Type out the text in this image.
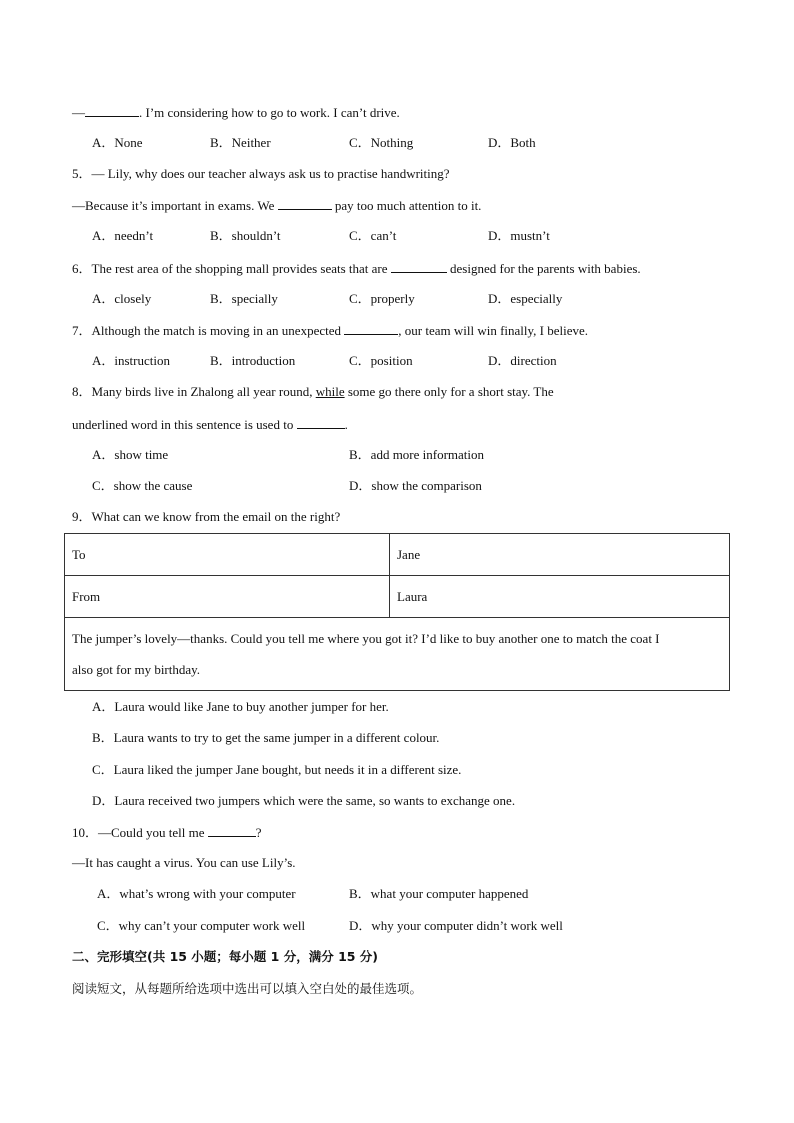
—	. I’m considering how to go to work. I can’t drive.
A．None	B．Neither	C．Nothing	D．Both
5．— Lily, why does our teacher always ask us to practise handwriting?
—Because it’s important in exams. We	pay too much attention to it.
A．needn’t	B．shouldn’t	C．can’t	D．mustn’t
6．The rest area of the shopping mall provides seats that are	designed for the parents with babies.
A．closely	B．specially	C．properly	D．especially
7．Although the match is moving in an unexpected	, our team will win finally, I believe.
A．instruction	B．introduction	C．position	D．direction
8．Many birds live in Zhalong all year round, while some go there only for a short stay. The
underlined word in this sentence is used to	.
A．show time	B．add more information
C．show the cause	D．show the comparison
9．What can we know from the email on the right?
To	Jane
From	Laura
The jumper’s lovely—thanks. Could you tell me where you got it? I’d like to buy another one to match the coat I
also got for my birthday.	
A．Laura would like Jane to buy another jumper for her.
B．Laura wants to try to get the same jumper in a different colour.
C．Laura liked the jumper Jane bought, but needs it in a different size.
D．Laura received two jumpers which were the same, so wants to exchange one.
10．—Could you tell me	?
—It has caught a virus. You can use Lily’s.
A．what’s wrong with your computer	B．what your computer happened
C．why can’t your computer work well	D．why your computer didn’t work well
二、完形填空(共 15 小题；每小题 1 分，满分 15 分)
阅读短文，从每题所给选项中选出可以填入空白处的最佳选项。
